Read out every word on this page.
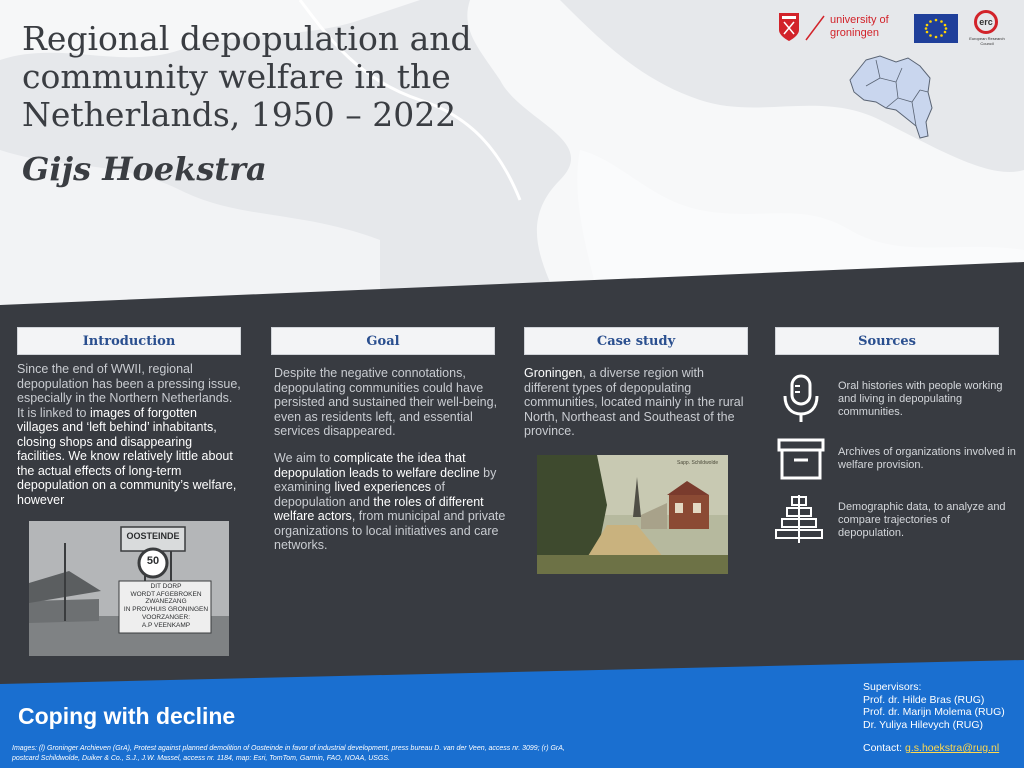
Regional depopulation and community welfare in the Netherlands, 1950 – 2022
Gijs Hoekstra
university of
groningen
erc
European Research Council
Introduction	Goal	Case study	Sources

Since the end of WWII, regional depopulation has been a pressing issue, especially in the Northern Netherlands. It is linked to images of forgotten villages and ‘left behind’ inhabitants, closing shops and disappearing facilities. We know relatively little about the actual effects of long-term depopulation on a community’s welfare, however

OOSTEINDE
50
DIT DORP
WORDT AFGEBROKEN
ZWANEZANG
IN PROVHUIS GRONINGEN
VOORZANGER:
A.P VEENKAMP

Despite the negative connotations, depopulating communities could have persisted and sustained their well-being, even as residents left, and essential services disappeared.

We aim to complicate the idea that depopulation leads to welfare decline by examining lived experiences of depopulation and the roles of different welfare actors, from municipal and private organizations to local initiatives and care networks.

Groningen, a diverse region with different types of depopulating communities, located mainly in the rural North, Northeast and Southeast of the province.

Sapp. Schildwolde

Oral histories with people working and living in depopulating communities.

Archives of organizations involved in welfare provision.

Demographic data, to analyze and compare trajectories of depopulation.

Coping with decline

Images: (l) Groninger Archieven (GrA), Protest against planned demolition of Oosteinde in favor of industrial development, press bureau D. van der Veen, access nr. 3099; (r) GrA, postcard Schildwolde, Duiker & Co., S.J., J.W. Massel, access nr. 1184, map: Esri, TomTom, Garmin, FAO, NOAA, USGS.

Supervisors:
Prof. dr. Hilde Bras (RUG)
Prof. dr. Marijn Molema (RUG)
Dr. Yuliya Hilevych (RUG)

Contact: g.s.hoekstra@rug.nl
